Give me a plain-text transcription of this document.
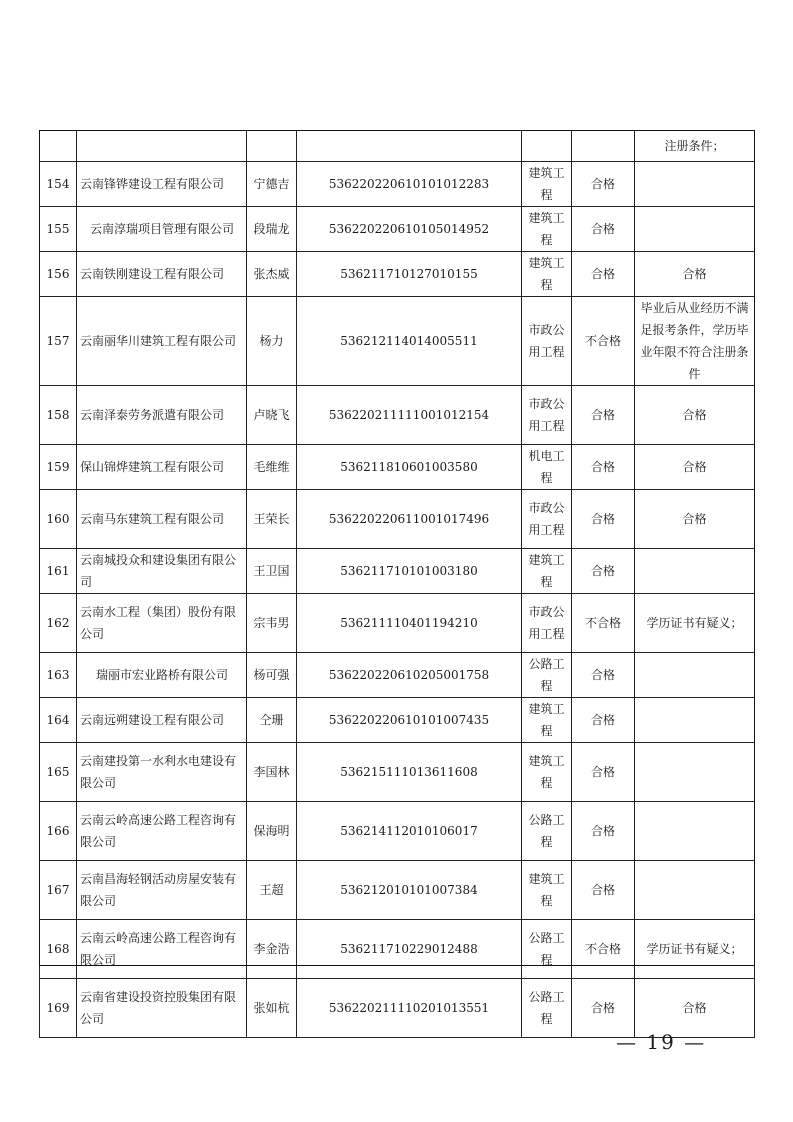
						注册条件；
154	云南锋铧建设工程有限公司	宁德吉	536220220610101012283	建筑工程	合格	
155	云南淳瑞项目管理有限公司	段瑞龙	536220220610105014952	建筑工程	合格	
156	云南铁刚建设工程有限公司	张杰威	536211710127010155	建筑工程	合格	合格
157	云南丽华川建筑工程有限公司	杨力	536212114014005511	市政公用工程	不合格	毕业后从业经历不满足报考条件，学历毕业年限不符合注册条件
158	云南泽泰劳务派遣有限公司	卢晓飞	536220211111001012154	市政公用工程	合格	合格
159	保山锦烨建筑工程有限公司	毛维维	536211810601003580	机电工程	合格	合格
160	云南马东建筑工程有限公司	王荣长	536220220611001017496	市政公用工程	合格	合格
161	云南城投众和建设集团有限公司	王卫国	536211710101003180	建筑工程	合格	
162	云南水工程（集团）股份有限公司	宗韦男	536211110401194210	市政公用工程	不合格	学历证书有疑义；
163	瑞丽市宏业路桥有限公司	杨可强	536220220610205001758	公路工程	合格	
164	云南远朔建设工程有限公司	仝珊	536220220610101007435	建筑工程	合格	
165	云南建投第一水利水电建设有限公司	李国林	536215111013611608	建筑工程	合格	
166	云南云岭高速公路工程咨询有限公司	保海明	536214112010106017	公路工程	合格	
167	云南昌海轻钢活动房屋安装有限公司	王超	536212010101007384	建筑工程	合格	
168	云南云岭高速公路工程咨询有限公司	李金浩	536211710229012488	公路工程	不合格	学历证书有疑义；
169	云南省建设投资控股集团有限公司	张如杭	536220211110201013551	公路工程	合格	合格
— 19 —
